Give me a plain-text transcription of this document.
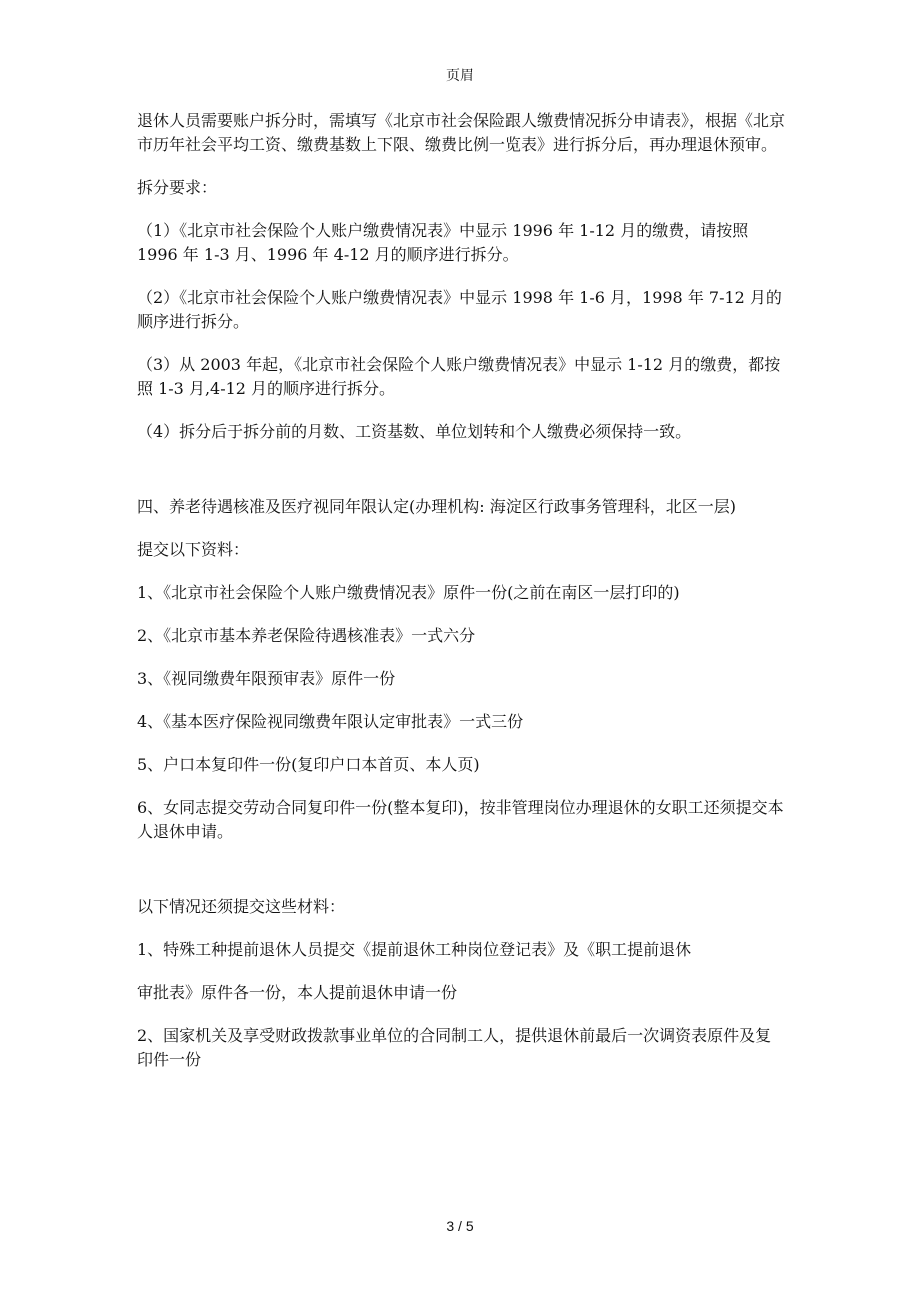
页眉

退休人员需要账户拆分时，需填写《北京市社会保险跟人缴费情况拆分申请表》，根据《北京市历年社会平均工资、缴费基数上下限、缴费比例一览表》进行拆分后，再办理退休预审。

拆分要求：

（1）《北京市社会保险个人账户缴费情况表》中显示 1996 年 1-12 月的缴费，请按照 1996 年 1-3 月、1996 年 4-12 月的顺序进行拆分。

（2）《北京市社会保险个人账户缴费情况表》中显示 1998 年 1-6 月，1998 年 7-12 月的顺序进行拆分。

（3）从 2003 年起，《北京市社会保险个人账户缴费情况表》中显示 1-12 月的缴费，都按照 1-3 月,4-12 月的顺序进行拆分。

（4）拆分后于拆分前的月数、工资基数、单位划转和个人缴费必须保持一致。

四、养老待遇核准及医疗视同年限认定(办理机构: 海淀区行政事务管理科，北区一层)

提交以下资料：

1、《北京市社会保险个人账户缴费情况表》原件一份(之前在南区一层打印的)

2、《北京市基本养老保险待遇核准表》一式六分

3、《视同缴费年限预审表》原件一份

4、《基本医疗保险视同缴费年限认定审批表》一式三份

5、户口本复印件一份(复印户口本首页、本人页)

6、女同志提交劳动合同复印件一份(整本复印)，按非管理岗位办理退休的女职工还须提交本人退休申请。

以下情况还须提交这些材料：

1、特殊工种提前退休人员提交《提前退休工种岗位登记表》及《职工提前退休

审批表》原件各一份，本人提前退休申请一份

2、国家机关及享受财政拨款事业单位的合同制工人，提供退休前最后一次调资表原件及复印件一份

3 / 5
